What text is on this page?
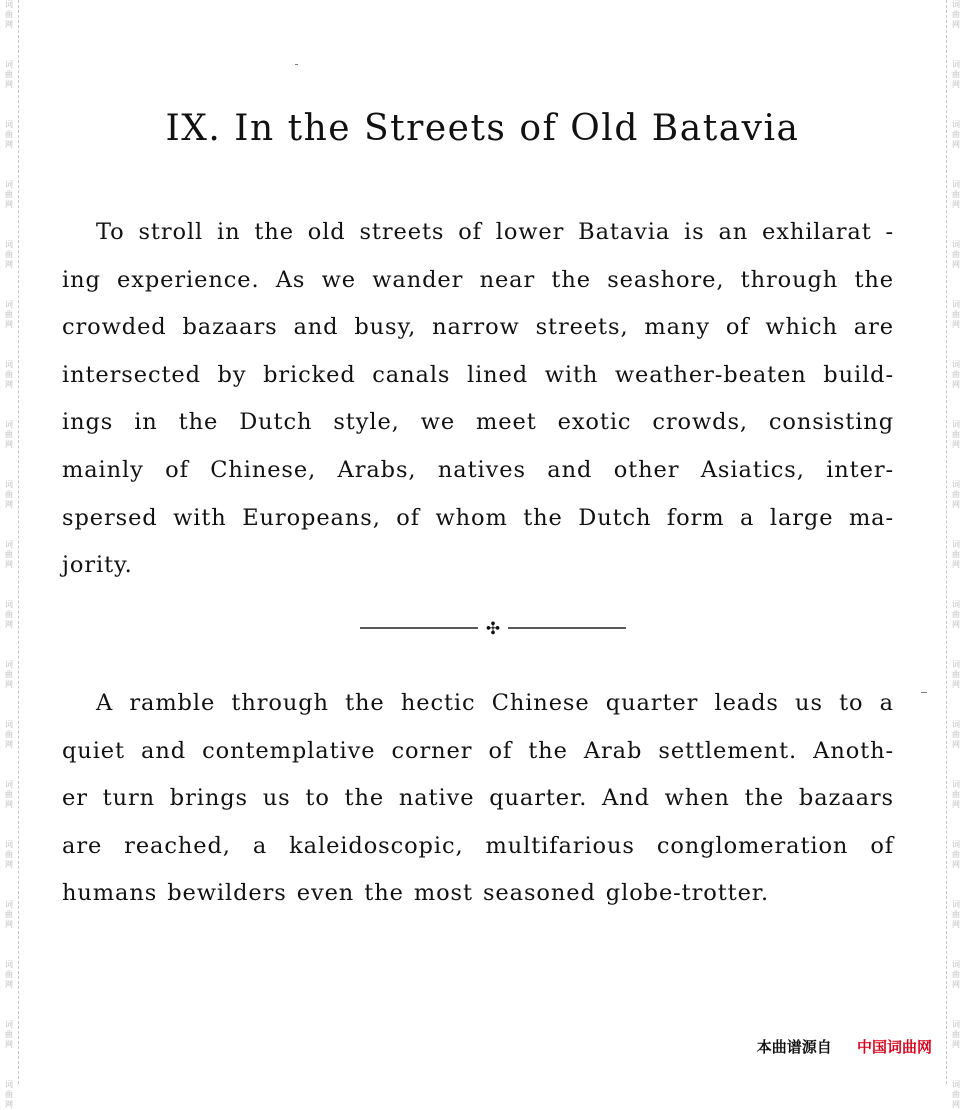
词
曲
网
词
曲
网
词
曲
网
词
曲
网
词
曲
网
词
曲
网
词
曲
网
词
曲
网
词
曲
网
词
曲
网
词
曲
网
词
曲
网
词
曲
网
词
曲
网
词
曲
网
词
曲
网
词
曲
网
词
曲
网
词
曲
网
词
曲
网
词
曲
网
词
曲
网
词
曲
网
词
曲
网
词
曲
网
词
曲
网
词
曲
网
词
曲
网
词
曲
网
词
曲
网
词
曲
网
词
曲
网
词
曲
网
词
曲
网
词
曲
网
词
曲
网
词
曲
网
词
曲
网
IX. In the Streets of Old Batavia
To stroll in the old streets of lower Batavia is an exhilarat -
ing experience. As we wander near the seashore, through the
crowded bazaars and busy, narrow streets, many of which are
intersected by bricked canals lined with weather-beaten build-
ings in the Dutch style, we meet exotic crowds, consisting
mainly of Chinese, Arabs, natives and other Asiatics, inter-
spersed with Europeans, of whom the Dutch form a large ma-
jority.
✣
A ramble through the hectic Chinese quarter leads us to a
quiet and contemplative corner of the Arab settlement. Anoth-
er turn brings us to the native quarter. And when the bazaars
are reached, a kaleidoscopic, multifarious conglomeration of
humans bewilders even the most seasoned globe-trotter.
本曲谱源自 中国词曲网
